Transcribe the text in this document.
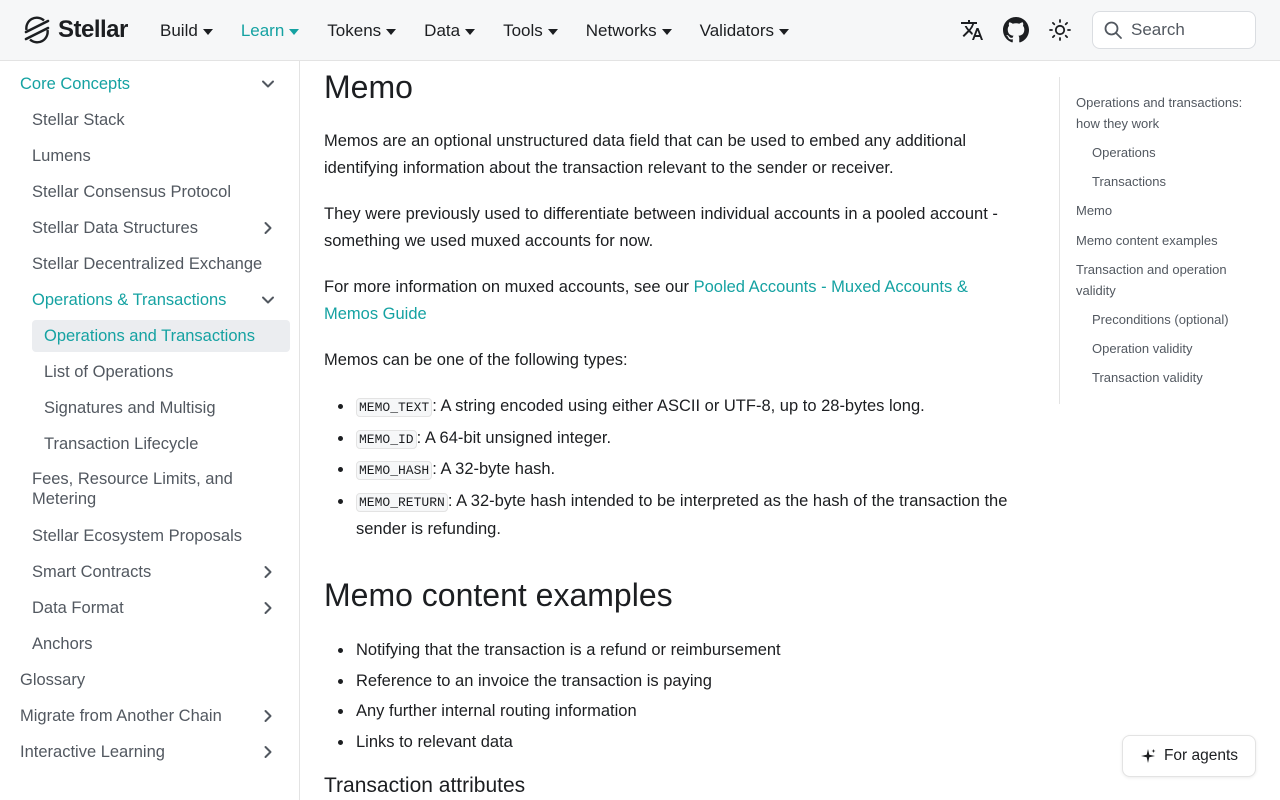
Stellar Build	Learn	Tokens	Data	Tools	Networks	Validators
Search
Core Concepts
Stellar Stack
Lumens
Stellar Consensus Protocol
Stellar Data Structures
Stellar Decentralized Exchange
Operations & Transactions
Operations and Transactions
List of Operations
Signatures and Multisig
Transaction Lifecycle
Fees, Resource Limits, and
Metering
Stellar Ecosystem Proposals
Smart Contracts
Data Format
Anchors
Glossary
Migrate from Another Chain
Interactive Learning
Memo

Memos are an optional unstructured data field that can be used to embed any additional identifying information about the transaction relevant to the sender or receiver.

They were previously used to differentiate between individual accounts in a pooled account - something we used muxed accounts for now.

For more information on muxed accounts, see our Pooled Accounts - Muxed Accounts & Memos Guide

Memos can be one of the following types:

MEMO_TEXT : A string encoded using either ASCII or UTF-8, up to 28-bytes long.
MEMO_ID : A 64-bit unsigned integer.
MEMO_HASH : A 32-byte hash.
MEMO_RETURN : A 32-byte hash intended to be interpreted as the hash of the transaction the sender is refunding.
Memo content examples
Notifying that the transaction is a refund or reimbursement
Reference to an invoice the transaction is paying
Any further internal routing information
Links to relevant data
Transaction attributes
Operations and transactions: how they work
Operations
Transactions
Memo
Memo content examples
Transaction and operation validity
Preconditions (optional)
Operation validity
Transaction validity
For agents
